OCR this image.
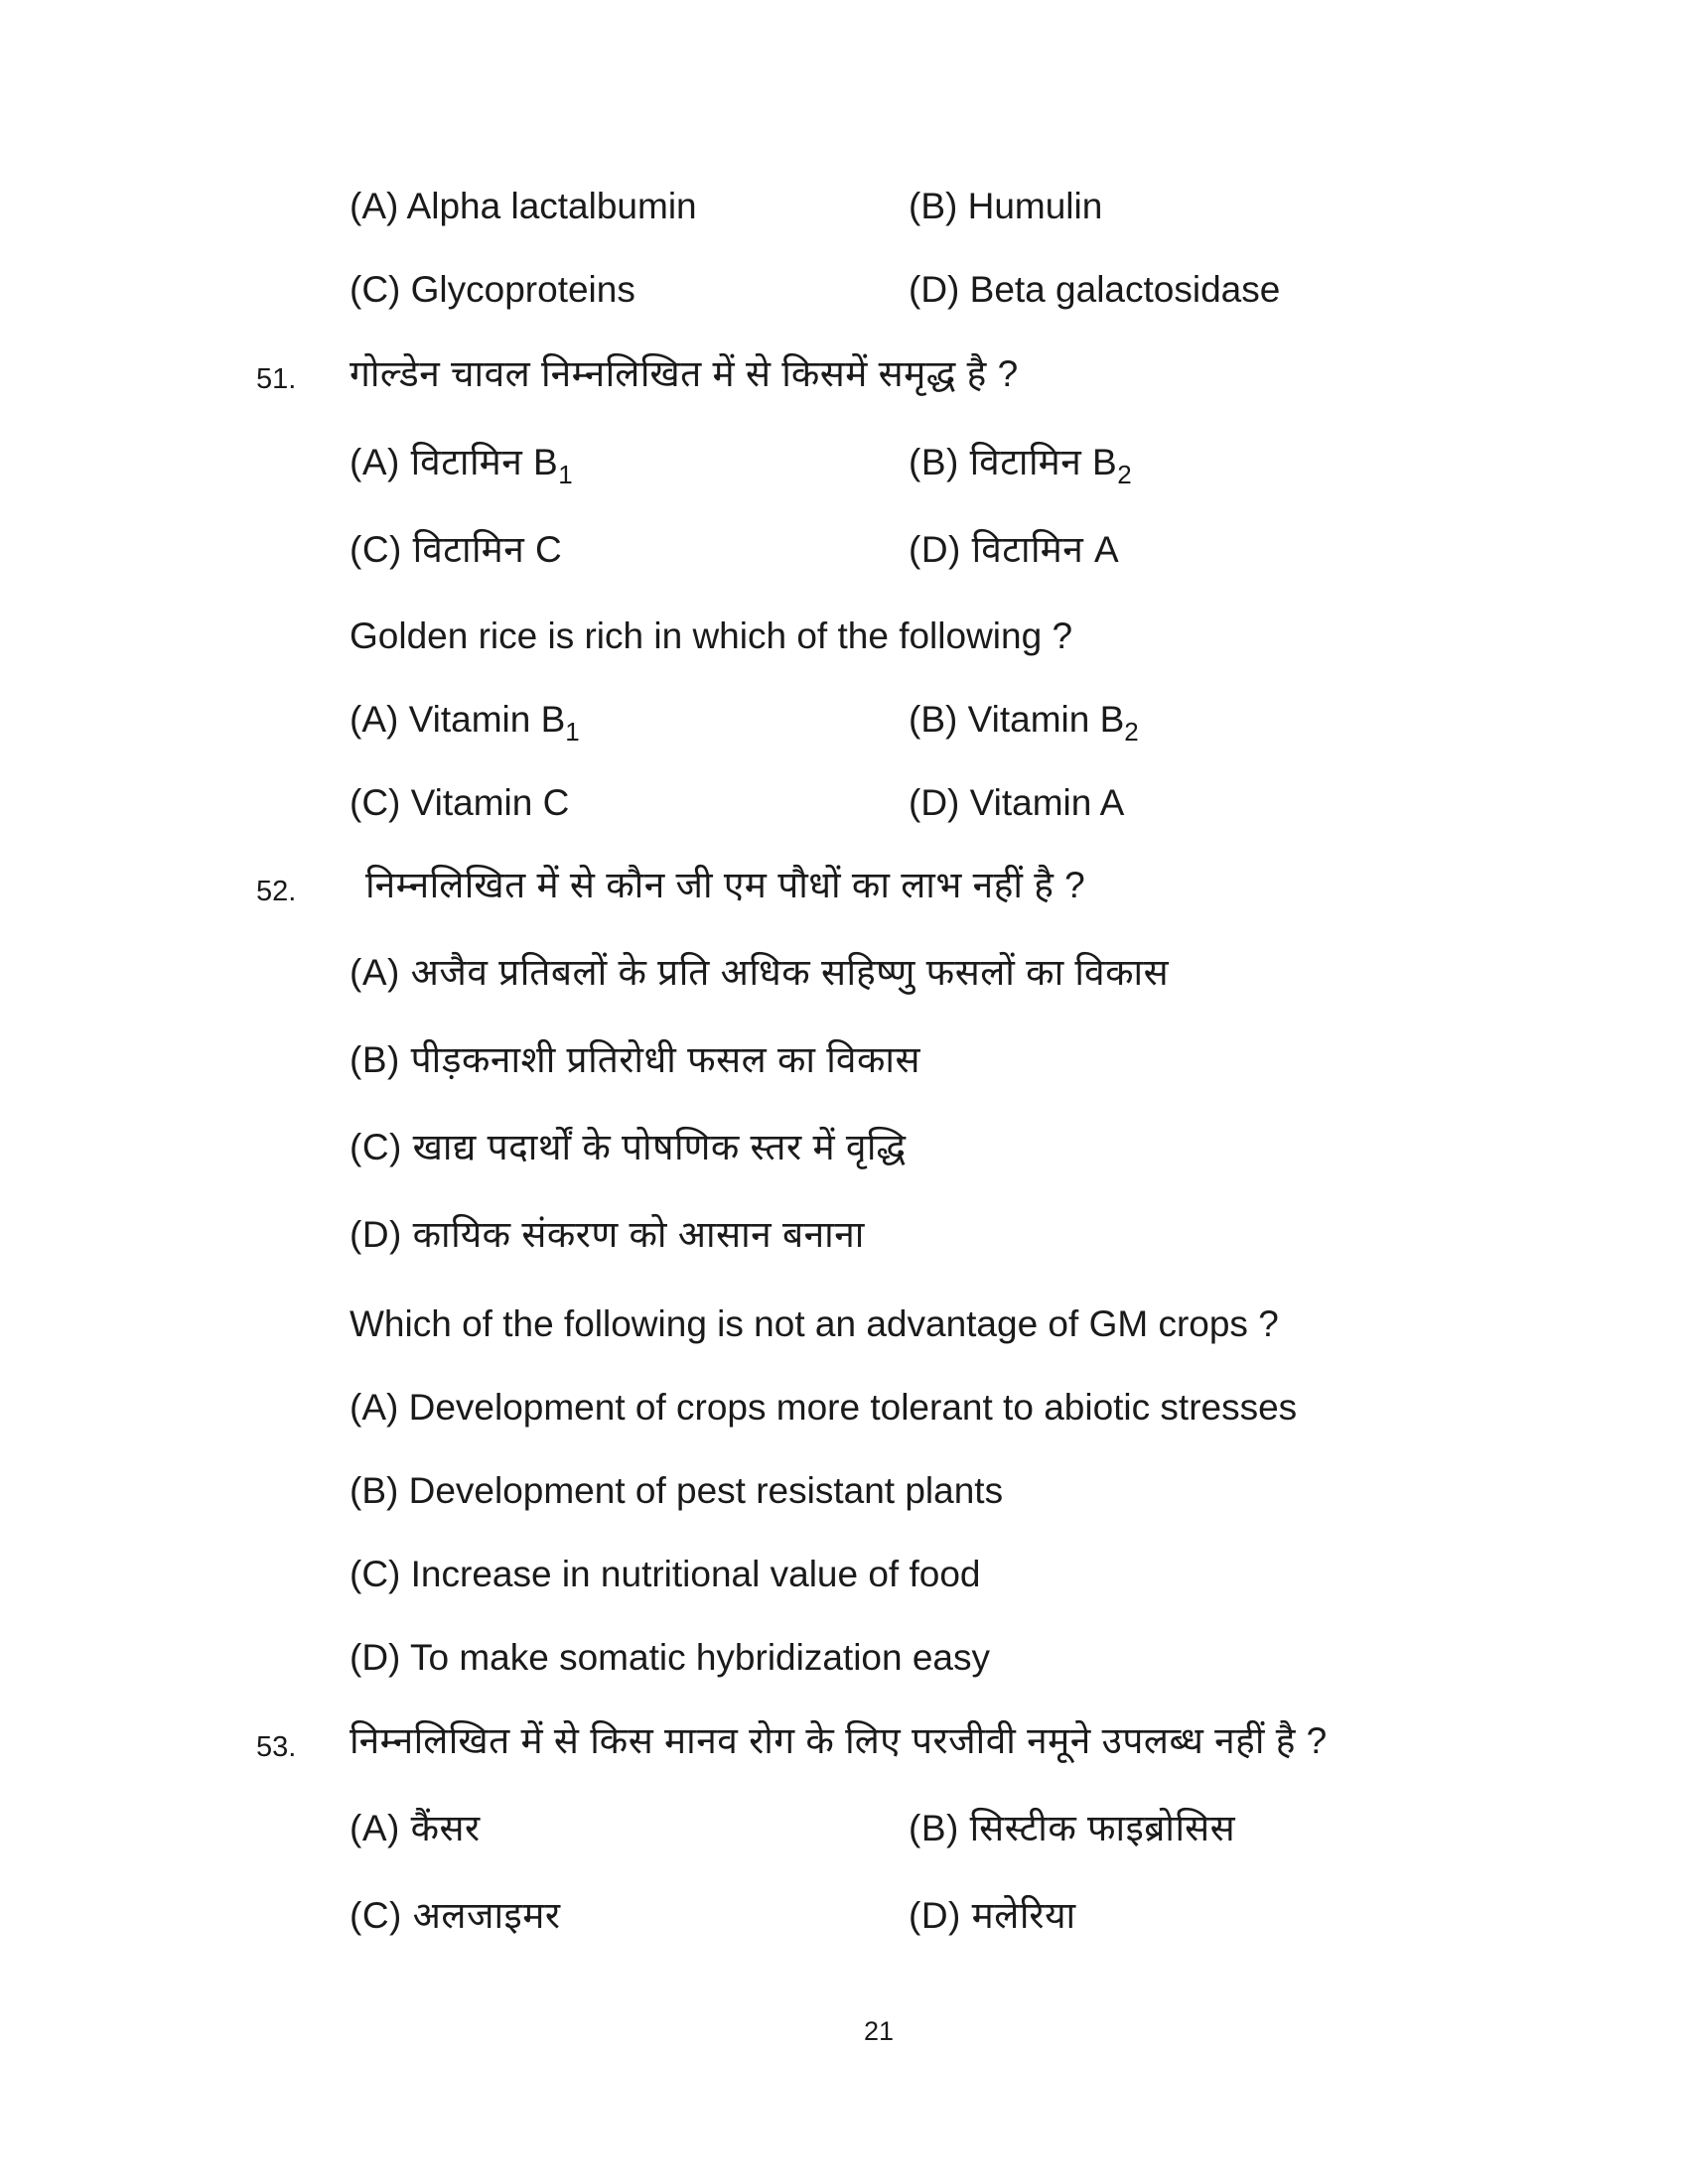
(A) Alpha lactalbumin	(B) Humulin
(C) Glycoproteins	(D) Beta galactosidase
51. गोल्डेन चावल निम्नलिखित में से किसमें समृद्ध है ?
(A) विटामिन $B_1$	(B) विटामिन $B_2$
(C) विटामिन C	(D) विटामिन A
Golden rice is rich in which of the following ?
(A) Vitamin $B_1$	(B) Vitamin $B_2$
(C) Vitamin C	(D) Vitamin A
52. निम्नलिखित में से कौन जी एम पौधों का लाभ नहीं है ?
(A) अजैव प्रतिबलों के प्रति अधिक सहिष्णु फसलों का विकास
(B) पीड़कनाशी प्रतिरोधी फसल का विकास
(C) खाद्य पदार्थों के पोषणिक स्तर में वृद्धि
(D) कायिक संकरण को आसान बनाना
Which of the following is not an advantage of GM crops ?
(A) Development of crops more tolerant to abiotic stresses
(B) Development of pest resistant plants
(C) Increase in nutritional value of food
(D) To make somatic hybridization easy
53. निम्नलिखित में से किस मानव रोग के लिए परजीवी नमूने उपलब्ध नहीं है ?
(A) कैंसर	(B) सिस्टीक फाइब्रोसिस
(C) अलजाइमर	(D) मलेरिया
21
